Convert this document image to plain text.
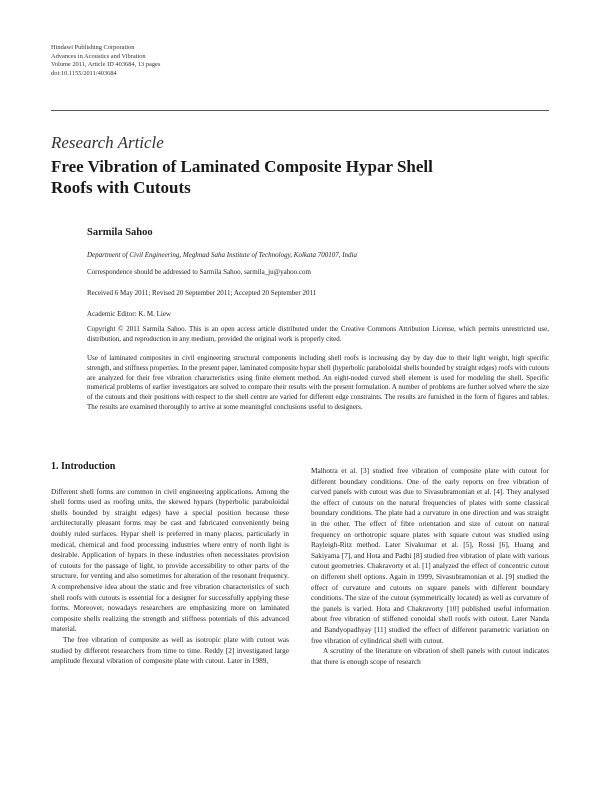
Hindawi Publishing Corporation
Advances in Acoustics and Vibration
Volume 2011, Article ID 403684, 13 pages
doi:10.1155/2011/403684
Research Article
Free Vibration of Laminated Composite Hypar Shell Roofs with Cutouts
Sarmila Sahoo
Department of Civil Engineering, Meghnad Saha Institute of Technology, Kolkata 700107, India
Correspondence should be addressed to Sarmila Sahoo, sarmila_ju@yahoo.com
Received 6 May 2011; Revised 20 September 2011; Accepted 20 September 2011
Academic Editor: K. M. Liew
Copyright © 2011 Sarmila Sahoo. This is an open access article distributed under the Creative Commons Attribution License, which permits unrestricted use, distribution, and reproduction in any medium, provided the original work is properly cited.
Use of laminated composites in civil engineering structural components including shell roofs is increasing day by day due to their light weight, high specific strength, and stiffness properties. In the present paper, laminated composite hypar shell (hyperbolic paraboloidal shells bounded by straight edges) roofs with cutouts are analyzed for their free vibration characteristics using finite element method. An eight-noded curved shell element is used for modeling the shell. Specific numerical problems of earlier investigators are solved to compare their results with the present formulation. A number of problems are further solved where the size of the cutouts and their positions with respect to the shell centre are varied for different edge constraints. The results are furnished in the form of figures and tables. The results are examined thoroughly to arrive at some meaningful conclusions useful to designers.
1. Introduction

Different shell forms are common in civil engineering applications. Among the shell forms used as roofing units, the skewed hypars (hyperbolic paraboloidal shells bounded by straight edges) have a special position because these architecturally pleasant forms may be cast and fabricated conveniently being doubly ruled surfaces. Hypar shell is preferred in many places, particularly in medical, chemical and food processing industries where entry of north light is desirable. Application of hypars in these industries often necessitates provision of cutouts for the passage of light, to provide accessibility to other parts of the structure, for venting and also sometimes for alteration of the resonant frequency. A comprehensive idea about the static and free vibration characteristics of such shell roofs with cutouts is essential for a designer for successfully applying these forms. Moreover, nowadays researchers are emphasizing more on laminated composite shells realizing the strength and stiffness potentials of this advanced material.

The free vibration of composite as well as isotropic plate with cutout was studied by different researchers from time to time. Reddy [2] investigated large amplitude flexural vibration of composite plate with cutout. Later in 1989,

Malhotra et al. [3] studied free vibration of composite plate with cutout for different boundary conditions. One of the early reports on free vibration of curved panels with cutout was due to Sivasubramonian et al. [4]. They analysed the effect of cutouts on the natural frequencies of plates with some classical boundary conditions. The plate had a curvature in one direction and was straight in the other. The effect of fibre orientation and size of cutout on natural frequency on orthotropic square plates with square cutout was studied using Rayleigh-Ritz method. Later Sivakumar et al. [5], Rossi [6], Huang and Sakiyama [7], and Hota and Padhi [8] studied free vibration of plate with various cutout geometries. Chakravorty et al. [1] analyzed the effect of concentric cutout on different shell options. Again in 1999, Sivasubramonian et al. [9] studied the effect of curvature and cutouts on square panels with different boundary conditions. The size of the cutout (symmetrically located) as well as curvature of the panels is varied. Hota and Chakravorty [10] published useful information about free vibration of stiffened conoidal shell roofs with cutout. Later Nanda and Bandyopadhyay [11] studied the effect of different parametric variation on free vibration of cylindrical shell with cutout.

A scrutiny of the literature on vibration of shell panels with cutout indicates that there is enough scope of research
